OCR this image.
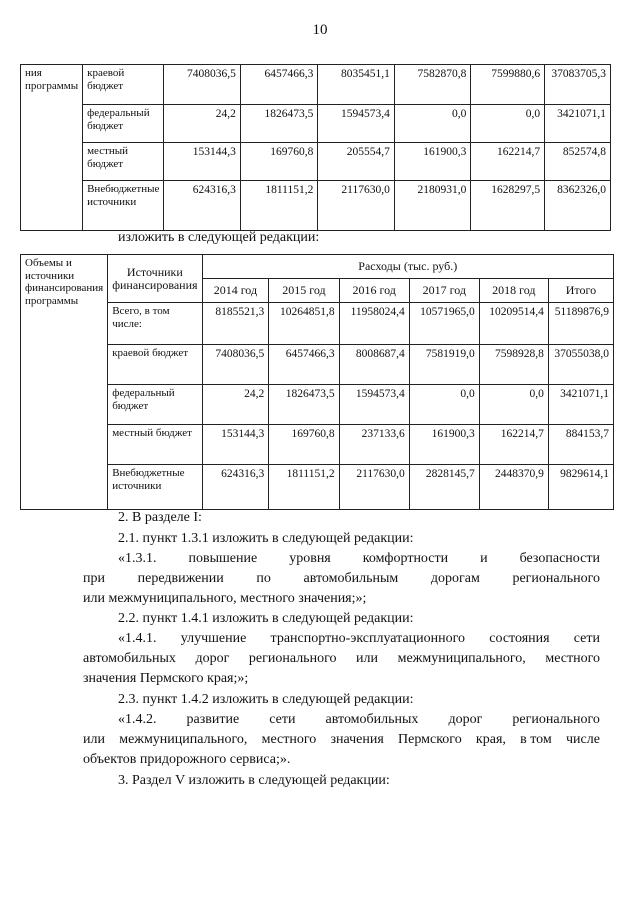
10
ния программы	краевой бюджет	7408036,5	6457466,3	8035451,1	7582870,8	7599880,6	37083705,3
	федеральный бюджет	24,2	1826473,5	1594573,4	0,0	0,0	3421071,1
	местный бюджет	153144,3	169760,8	205554,7	161900,3	162214,7	852574,8
	Внебюджетные источники	624316,3	1811151,2	2117630,0	2180931,0	1628297,5	8362326,0
изложить в следующей редакции:
Объемы и источники финансирования программы	Источники финансирования	Расходы (тыс. руб.)					
		2014 год	2015 год	2016 год	2017 год	2018 год	Итого
	Всего, в том числе:	8185521,3	10264851,8	11958024,4	10571965,0	10209514,4	51189876,9
	краевой бюджет	7408036,5	6457466,3	8008687,4	7581919,0	7598928,8	37055038,0
	федеральный бюджет	24,2	1826473,5	1594573,4	0,0	0,0	3421071,1
	местный бюджет	153144,3	169760,8	237133,6	161900,3	162214,7	884153,7
	Внебюджетные источники	624316,3	1811151,2	2117630,0	2828145,7	2448370,9	9829614,1
2. В разделе I:
2.1. пункт 1.3.1 изложить в следующей редакции:
«1.3.1. повышение уровня комфортности и безопасности
при передвижении по автомобильным дорогам регионального
или межмуниципального, местного значения;»;
2.2. пункт 1.4.1 изложить в следующей редакции:
«1.4.1. улучшение транспортно-эксплуатационного состояния сети
автомобильных дорог регионального или межмуниципального, местного
значения Пермского края;»;
2.3. пункт 1.4.2 изложить в следующей редакции:
«1.4.2. развитие сети автомобильных дорог регионального
или межмуниципального, местного значения Пермского края, в том числе
объектов придорожного сервиса;».
3. Раздел V изложить в следующей редакции:
